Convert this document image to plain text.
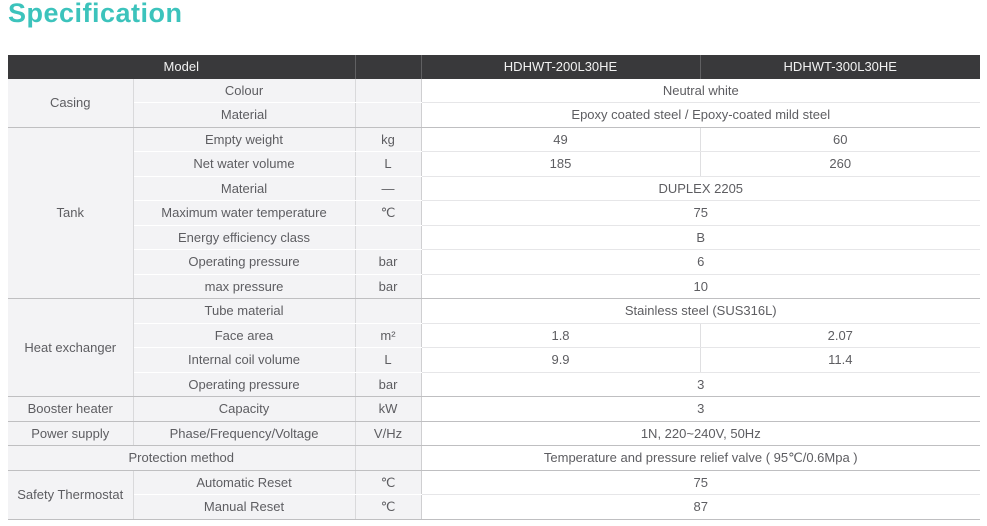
Specification
Model			HDHWT-200L30HE	HDHWT-300L30HE
Casing	Colour		Neutral white	
	Material		Epoxy coated steel / Epoxy-coated mild steel	
Tank	Empty weight	kg	49	60
	Net water volume	L	185	260
	Material	—	DUPLEX 2205	
	Maximum water temperature	℃	75	
	Energy efficiency class		B	
	Operating pressure	bar	6	
	max pressure	bar	10	
Heat exchanger	Tube material		Stainless steel (SUS316L)	
	Face area	m²	1.8	2.07
	Internal coil volume	L	9.9	11.4
	Operating pressure	bar	3	
Booster heater	Capacity	kW	3	
Power supply	Phase/Frequency/Voltage	V/Hz	1N, 220~240V, 50Hz	
Protection method			Temperature and pressure relief valve ( 95℃/0.6Mpa )	
Safety Thermostat	Automatic Reset	℃	75	
	Manual Reset	℃	87	
